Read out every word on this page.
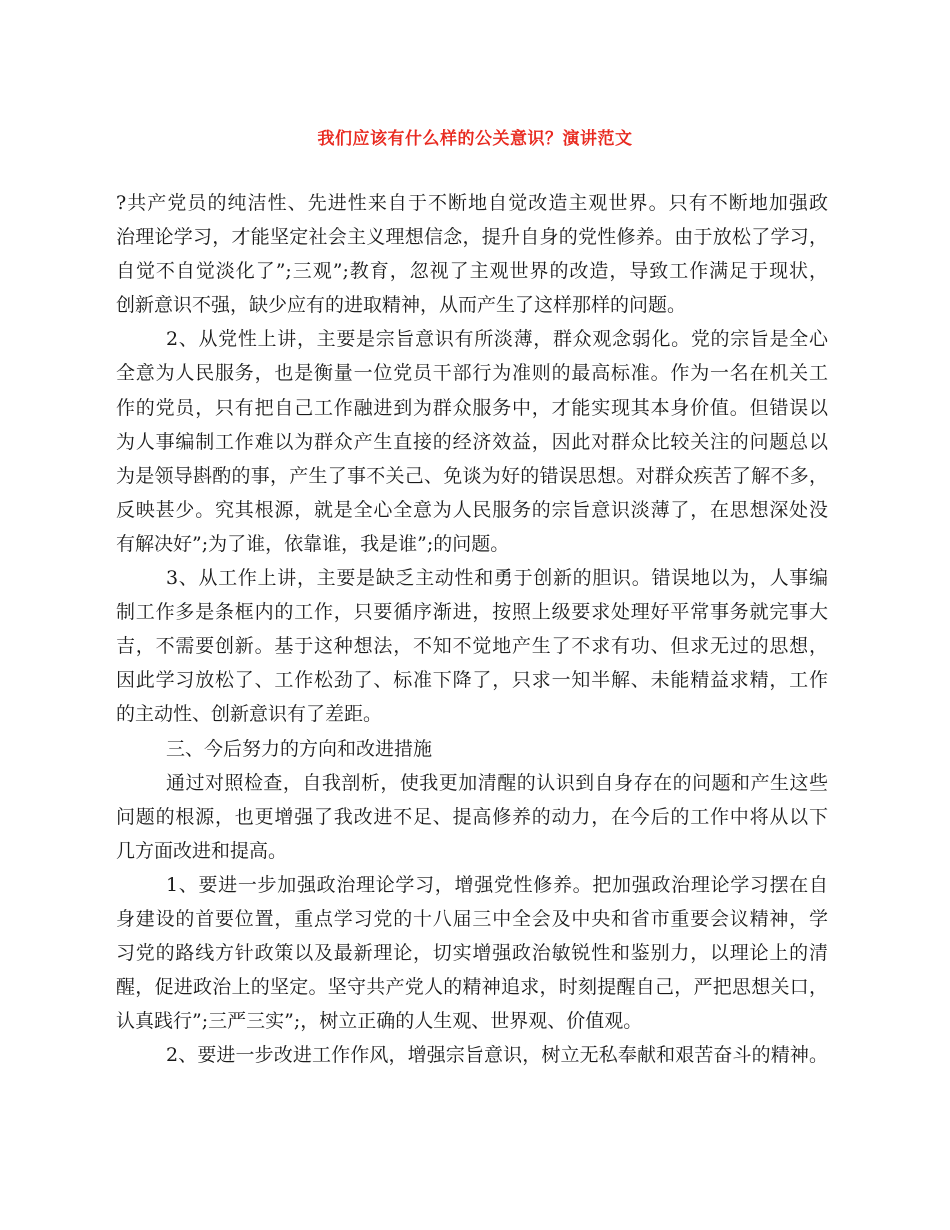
我们应该有什么样的公关意识？演讲范文
?共产党员的纯洁性、先进性来自于不断地自觉改造主观世界。只有不断地加强政
治理论学习，才能坚定社会主义理想信念，提升自身的党性修养。由于放松了学习，
自觉不自觉淡化了”;三观”;教育，忽视了主观世界的改造，导致工作满足于现状，
创新意识不强，缺少应有的进取精神，从而产生了这样那样的问题。
2、从党性上讲，主要是宗旨意识有所淡薄，群众观念弱化。党的宗旨是全心
全意为人民服务，也是衡量一位党员干部行为准则的最高标准。作为一名在机关工
作的党员，只有把自己工作融进到为群众服务中，才能实现其本身价值。但错误以
为人事编制工作难以为群众产生直接的经济效益，因此对群众比较关注的问题总以
为是领导斟酌的事，产生了事不关己、免谈为好的错误思想。对群众疾苦了解不多，
反映甚少。究其根源，就是全心全意为人民服务的宗旨意识淡薄了，在思想深处没
有解决好”;为了谁，依靠谁，我是谁”;的问题。
3、从工作上讲，主要是缺乏主动性和勇于创新的胆识。错误地以为，人事编
制工作多是条框内的工作，只要循序渐进，按照上级要求处理好平常事务就完事大
吉，不需要创新。基于这种想法，不知不觉地产生了不求有功、但求无过的思想，
因此学习放松了、工作松劲了、标准下降了，只求一知半解、未能精益求精，工作
的主动性、创新意识有了差距。
三、今后努力的方向和改进措施
通过对照检查，自我剖析，使我更加清醒的认识到自身存在的问题和产生这些
问题的根源，也更增强了我改进不足、提高修养的动力，在今后的工作中将从以下
几方面改进和提高。
1、要进一步加强政治理论学习，增强党性修养。把加强政治理论学习摆在自
身建设的首要位置，重点学习党的十八届三中全会及中央和省市重要会议精神，学
习党的路线方针政策以及最新理论，切实增强政治敏锐性和鉴别力，以理论上的清
醒，促进政治上的坚定。坚守共产党人的精神追求，时刻提醒自己，严把思想关口，
认真践行”;三严三实”;，树立正确的人生观、世界观、价值观。
2、要进一步改进工作作风，增强宗旨意识，树立无私奉献和艰苦奋斗的精神。
